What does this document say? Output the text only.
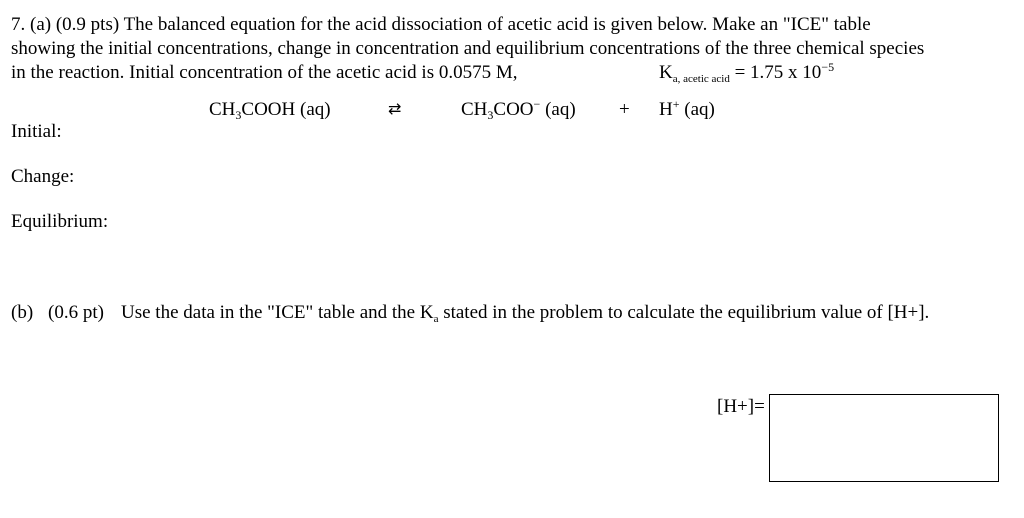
7. (a) (0.9 pts) The balanced equation for the acid dissociation of acetic acid is given below. Make an "ICE" table
showing the initial concentrations, change in concentration and equilibrium concentrations of the three chemical species
in the reaction. Initial concentration of the acetic acid is 0.0575 M,	$K_{a, acetic acid} = 1.75$ x $10^{-5}$
$CH_3COOH$ (aq)	⇄	$CH_3COO^-$ (aq) + H+ (aq)
Initial:
Change:
Equilibrium:
(b) (0.6 pt) Use the data in the "ICE" table and the $K_a$ stated in the problem to calculate the equilibrium value of [H+].
[H+]=
